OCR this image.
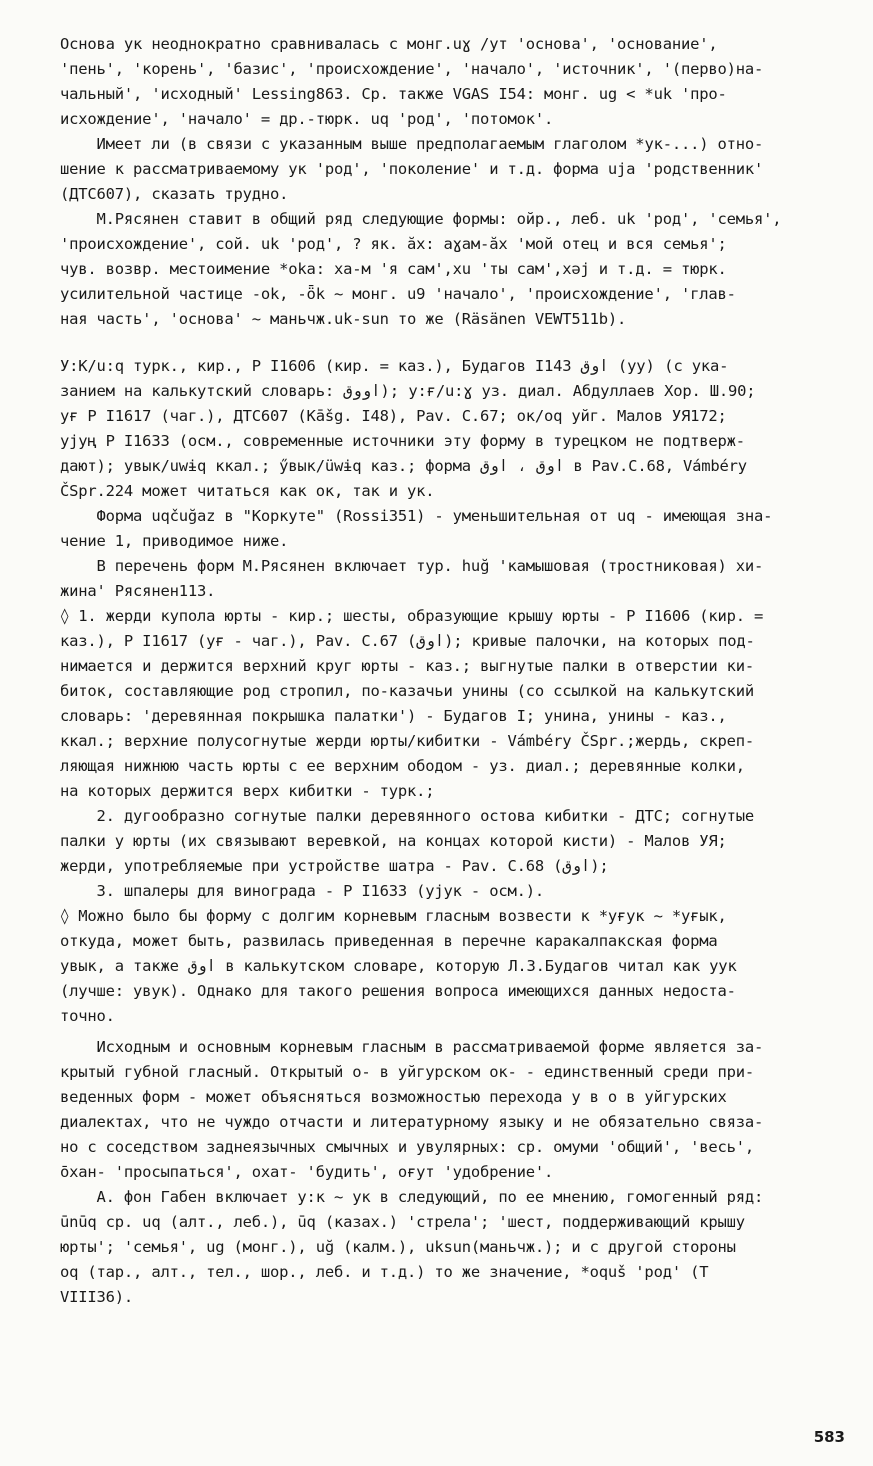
Основа ук неоднократно сравнивалась с монг.uɣ /ут 'основа', 'основание',
'пень', 'корень', 'базис', 'происхождение', 'начало', 'источник', '(перво)на-
чальный', 'исходный' Lessing863. Ср. также VGAS I54: монг. ug < *uk 'про-
исхождение', 'начало' = др.-тюрк. uq 'род', 'потомок'.
Имеет ли (в связи с указанным выше предполагаемым глаголом *ук-...) отно-
шение к рассматриваемому ук 'род', 'поколение' и т.д. форма uja 'родственник'
(ДТС607), сказать трудно.
М.Рясянен ставит в общий ряд следующие формы: ойр., леб. uk 'род', 'семья',
'происхождение', сой. uk 'род', ? як. ӑх: aɣaм-ӑх 'мой отец и вся семья';
чув. возвр. местоимение *oka: xa-м 'я сам',xu 'ты сам',xəj и т.д. = тюрк.
усилительной частице -ok, -ȫk ~ монг. u9 'начало', 'происхождение', 'глав-
ная часть', 'основа' ~ маньчж.uk-sun то же (Räsänen VEWT511b).
У:К/u:q турк., кир., Р I1606 (кир. = каз.), Будагов I143 اوق (уу) (с ука-
занием на калькутский словарь: اووق); у:ғ/u:ɣ уз. диал. Абдуллаев Хор. Ш.90;
уғ Р I1617 (чаг.), ДТС607 (Kāšg. I48), Pav. C.67; ок/oq уйг. Малов УЯ172;
уjуң Р I1633 (осм., современные источники эту форму в турецком не подтверж-
дают); увык/uwɨq ккал.; ӳвык/üwɨq каз.; форма اوق ، اوق в Pav.C.68, Vámbéry
ČSpr.224 может читаться как ок, так и ук.
Форма uqčuğaz в "Коркуте" (Rossi351) - уменьшительная от uq - имеющая зна-
чение 1, приводимое ниже.
В перечень форм М.Рясянен включает тур. huğ 'камышовая (тростниковая) хи-
жина' Рясянен113.
◊ 1. жерди купола юрты - кир.; шесты, образующие крышу юрты - Р I1606 (кир. =
каз.), Р I1617 (уғ - чаг.), Pav. C.67 (اوق); кривые палочки, на которых под-
нимается и держится верхний круг юрты - каз.; выгнутые палки в отверстии ки-
биток, составляющие род стропил, по-казачьи унины (со ссылкой на калькутский
словарь: 'деревянная покрышка палатки') - Будагов I; унина, унины - каз.,
ккал.; верхние полусогнутые жерди юрты/кибитки - Vámbéry ČSpr.;жердь, скреп-
ляющая нижнюю часть юрты с ее верхним ободом - уз. диал.; деревянные колки,
на которых держится верх кибитки - турк.;
2. дугообразно согнутые палки деревянного остова кибитки - ДТС; согнутые
палки у юрты (их связывают веревкой, на концах которой кисти) - Малов УЯ;
жерди, употребляемые при устройстве шатра - Pav. C.68 (اوق);
3. шпалеры для винограда - Р I1633 (уjук - осм.).
◊ Можно было бы форму с долгим корневым гласным возвести к *уғук ~ *уғык,
откуда, может быть, развилась приведенная в перечне каракалпакская форма
увык, а также اوق в калькутском словаре, которую Л.З.Будагов читал как уук
(лучше: увук). Однако для такого решения вопроса имеющихся данных недоста-
точно.
Исходным и основным корневым гласным в рассматриваемой форме является за-
крытый губной гласный. Открытый о- в уйгурском ок- - единственный среди при-
веденных форм - может объясняться возможностью перехода у в о в уйгурских
диалектах, что не чуждо отчасти и литературному языку и не обязательно связа-
но с соседством заднеязычных смычных и увулярных: ср. омуми 'общий', 'весь',
о̄хан- 'просыпаться', охат- 'будить', оғут 'удобрение'.
А. фон Габен включает у:к ~ ук в следующий, по ее мнению, гомогенный ряд:
ūnūq ср. uq (алт., леб.), ūq (казах.) 'стрела'; 'шест, поддерживающий крышу
юрты'; 'семья', ug (монг.), uğ (калм.), uksun(маньчж.); и с другой стороны
oq (тар., алт., тел., шор., леб. и т.д.) то же значение, *oquš 'род' (Т
VIII36).
583
